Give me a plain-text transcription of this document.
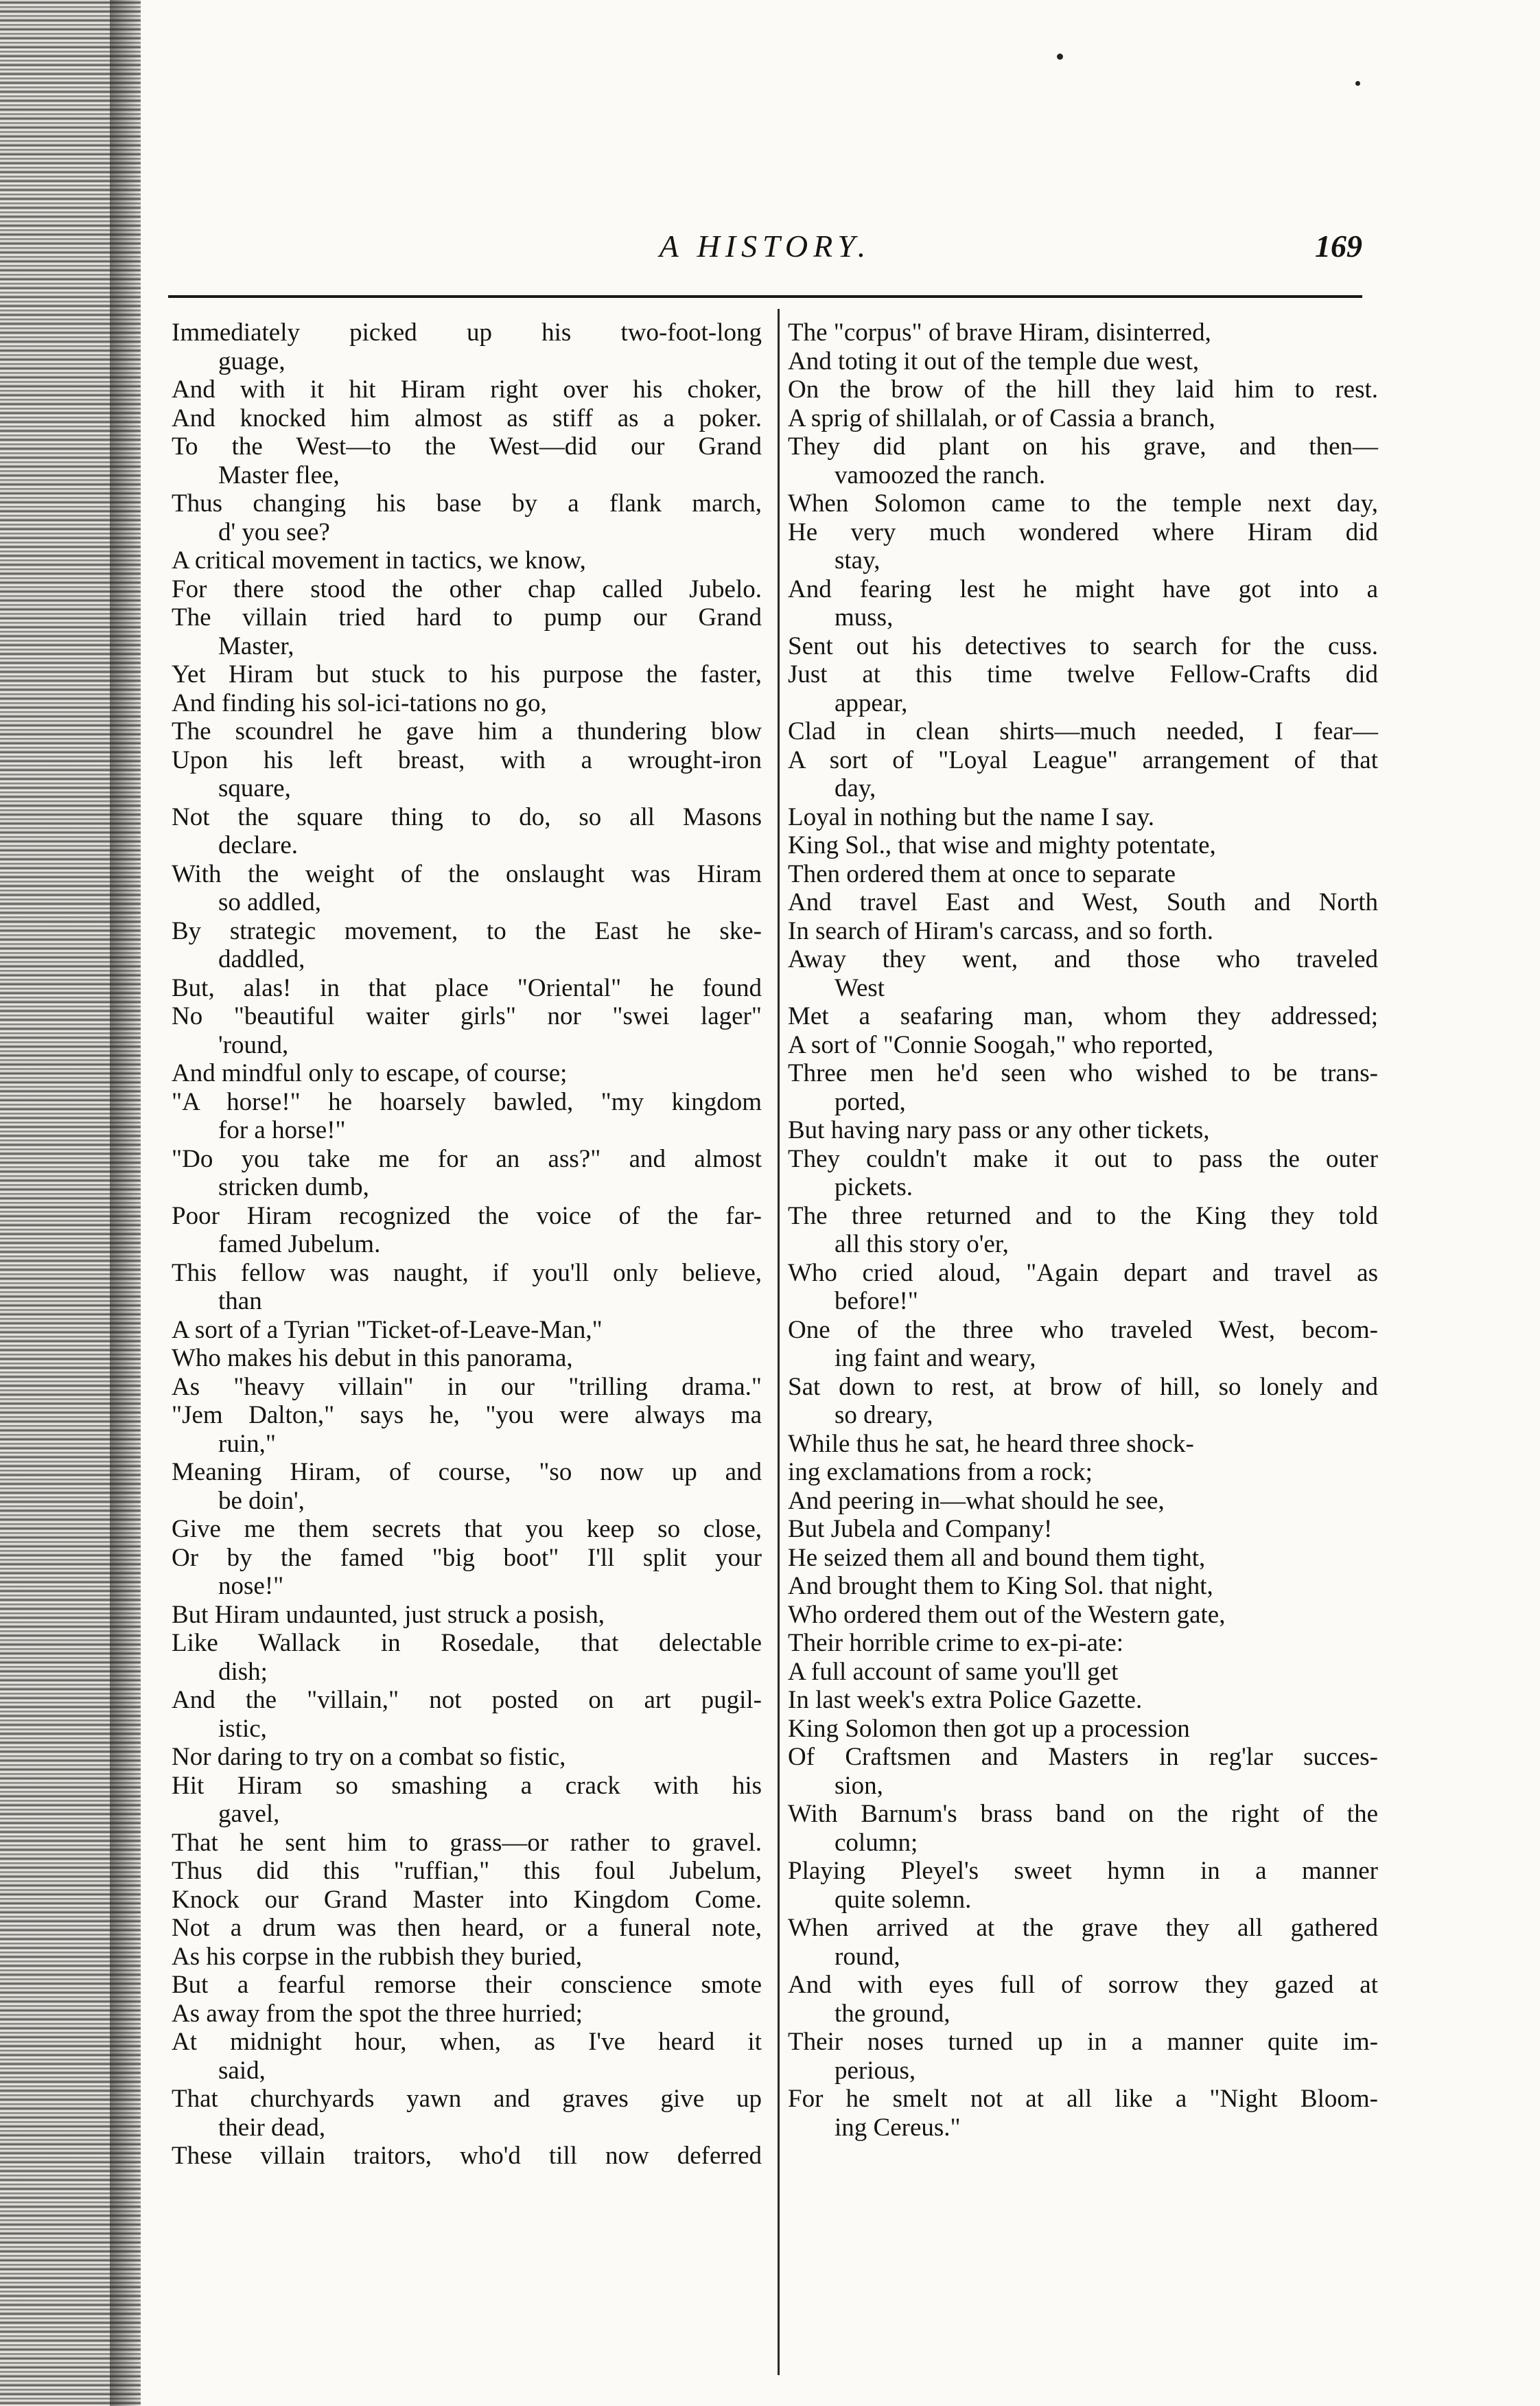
A HISTORY.	169
Immediately picked up his two-foot-long
guage,
And with it hit Hiram right over his choker,
And knocked him almost as stiff as a poker.
To the West—to the West—did our Grand
Master flee,
Thus changing his base by a flank march,
d' you see?
A critical movement in tactics, we know,
For there stood the other chap called Jubelo.
The villain tried hard to pump our Grand
Master,
Yet Hiram but stuck to his purpose the faster,
And finding his sol-ici-tations no go,
The scoundrel he gave him a thundering blow
Upon his left breast, with a wrought-iron
square,
Not the square thing to do, so all Masons
declare.
With the weight of the onslaught was Hiram
so addled,
By strategic movement, to the East he ske-
daddled,
But, alas! in that place "Oriental" he found
No "beautiful waiter girls" nor "swei lager"
'round,
And mindful only to escape, of course;
"A horse!" he hoarsely bawled, "my kingdom
for a horse!"
"Do you take me for an ass?" and almost
stricken dumb,
Poor Hiram recognized the voice of the far-
famed Jubelum.
This fellow was naught, if you'll only believe,
than
A sort of a Tyrian "Ticket-of-Leave-Man,"
Who makes his debut in this panorama,
As "heavy villain" in our "trilling drama."
"Jem Dalton," says he, "you were always ma
ruin,"
Meaning Hiram, of course, "so now up and
be doin',
Give me them secrets that you keep so close,
Or by the famed "big boot" I'll split your
nose!"
But Hiram undaunted, just struck a posish,
Like Wallack in Rosedale, that delectable
dish;
And the "villain," not posted on art pugil-
istic,
Nor daring to try on a combat so fistic,
Hit Hiram so smashing a crack with his
gavel,
That he sent him to grass—or rather to gravel.
Thus did this "ruffian," this foul Jubelum,
Knock our Grand Master into Kingdom Come.
Not a drum was then heard, or a funeral note,
As his corpse in the rubbish they buried,
But a fearful remorse their conscience smote
As away from the spot the three hurried;
At midnight hour, when, as I've heard it
said,
That churchyards yawn and graves give up
their dead,
These villain traitors, who'd till now deferred
The "corpus" of brave Hiram, disinterred,
And toting it out of the temple due west,
On the brow of the hill they laid him to rest.
A sprig of shillalah, or of Cassia a branch,
They did plant on his grave, and then—
vamoozed the ranch.
When Solomon came to the temple next day,
He very much wondered where Hiram did
stay,
And fearing lest he might have got into a
muss,
Sent out his detectives to search for the cuss.
Just at this time twelve Fellow-Crafts did
appear,
Clad in clean shirts—much needed, I fear—
A sort of "Loyal League" arrangement of that
day,
Loyal in nothing but the name I say.
King Sol., that wise and mighty potentate,
Then ordered them at once to separate
And travel East and West, South and North
In search of Hiram's carcass, and so forth.
Away they went, and those who traveled
West
Met a seafaring man, whom they addressed;
A sort of "Connie Soogah," who reported,
Three men he'd seen who wished to be trans-
ported,
But having nary pass or any other tickets,
They couldn't make it out to pass the outer
pickets.
The three returned and to the King they told
all this story o'er,
Who cried aloud, "Again depart and travel as
before!"
One of the three who traveled West, becom-
ing faint and weary,
Sat down to rest, at brow of hill, so lonely and
so dreary,
While thus he sat, he heard three shock-
ing exclamations from a rock;
And peering in—what should he see,
But Jubela and Company!
He seized them all and bound them tight,
And brought them to King Sol. that night,
Who ordered them out of the Western gate,
Their horrible crime to ex-pi-ate:
A full account of same you'll get
In last week's extra Police Gazette.
King Solomon then got up a procession
Of Craftsmen and Masters in reg'lar succes-
sion,
With Barnum's brass band on the right of the
column;
Playing Pleyel's sweet hymn in a manner
quite solemn.
When arrived at the grave they all gathered
round,
And with eyes full of sorrow they gazed at
the ground,
Their noses turned up in a manner quite im-
perious,
For he smelt not at all like a "Night Bloom-
ing Cereus."
